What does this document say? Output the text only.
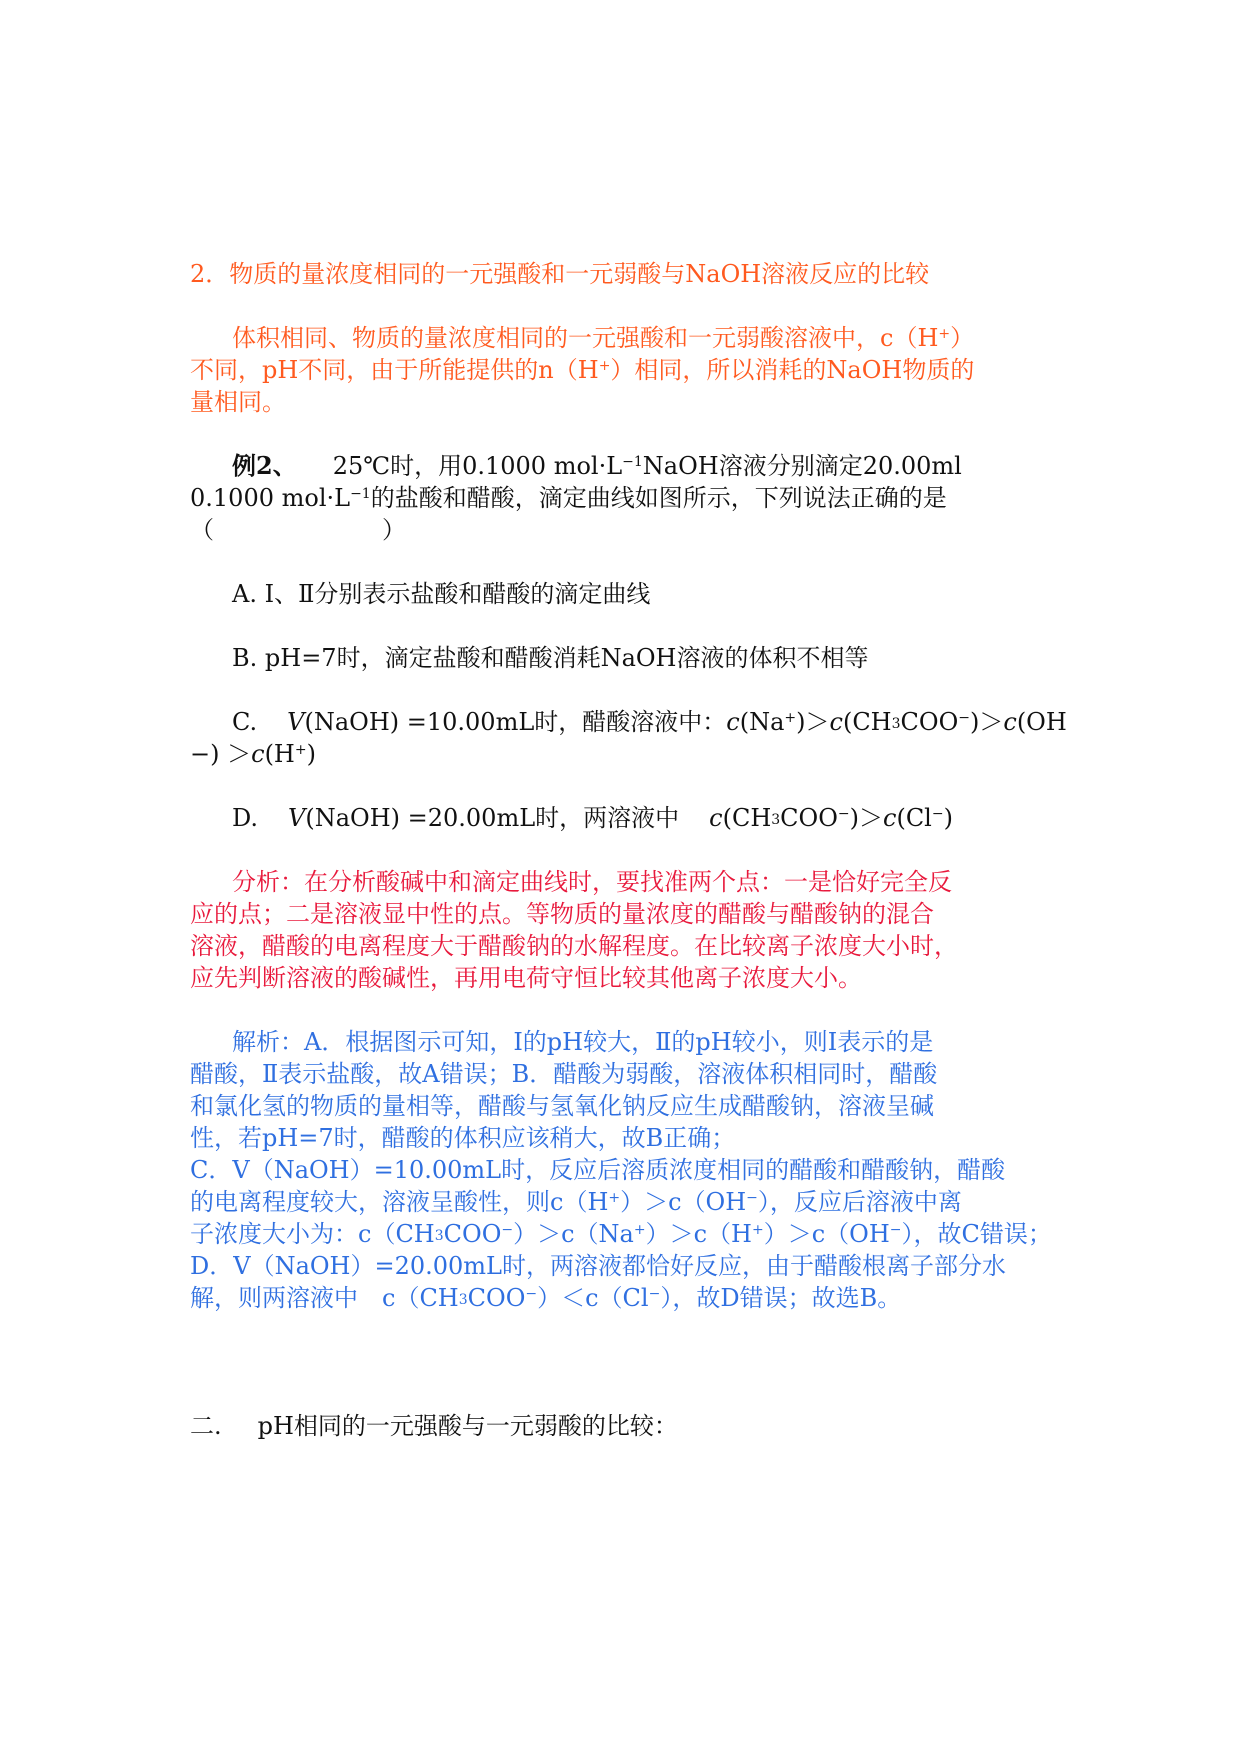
2．物质的量浓度相同的一元强酸和一元弱酸与NaOH溶液反应的比较
体积相同、物质的量浓度相同的一元强酸和一元弱酸溶液中，c（H+）
不同，pH不同，由于所能提供的n（H+）相同，所以消耗的NaOH物质的
量相同。
例2、 25℃时，用0.1000 $mol\cdot L^{-1}NaOH$溶液分别滴定20.00ml
0.1000 $mol\cdot L^{-1}$的盐酸和醋酸，滴定曲线如图所示，下列说法正确的是
（　　　　　　　）
A. Ⅰ、Ⅱ分别表示盐酸和醋酸的滴定曲线
B. pH=7时，滴定盐酸和醋酸消耗NaOH溶液的体积不相等
C. V(NaOH) =10.00mL时，醋酸溶液中：$c(Na^+)>c(CH_3COO^-)>c(OH$
−) ＞c(H+)
D. V(NaOH) =20.00mL时，两溶液中 $c(CH_3COO^-)>c(Cl^-)$
分析：在分析酸碱中和滴定曲线时，要找准两个点：一是恰好完全反
应的点；二是溶液显中性的点。等物质的量浓度的醋酸与醋酸钠的混合
溶液，醋酸的电离程度大于醋酸钠的水解程度。在比较离子浓度大小时，
应先判断溶液的酸碱性，再用电荷守恒比较其他离子浓度大小。
解析：A．根据图示可知，Ⅰ的pH较大，Ⅱ的pH较小，则Ⅰ表示的是
醋酸，Ⅱ表示盐酸，故A错误；B．醋酸为弱酸，溶液体积相同时，醋酸
和氯化氢的物质的量相等，醋酸与氢氧化钠反应生成醋酸钠，溶液呈碱
性，若pH=7时，醋酸的体积应该稍大，故B正确；
C．V（NaOH）=10.00mL时，反应后溶质浓度相同的醋酸和醋酸钠，醋酸
的电离程度较大，溶液呈酸性，则c（H+）＞c（OH−），反应后溶液中离
子浓度大小为：$c(CH_3COO^-)>c(Na^+)>c(H^+)>c(OH^-)$，故C错误；
D．V（NaOH）=20.00mL时，两溶液都恰好反应，由于醋酸根离子部分水
解，则两溶液中　$c(CH_3COO^-)<c(Cl^-)$，故D错误；故选B。
二. pH相同的一元强酸与一元弱酸的比较：
